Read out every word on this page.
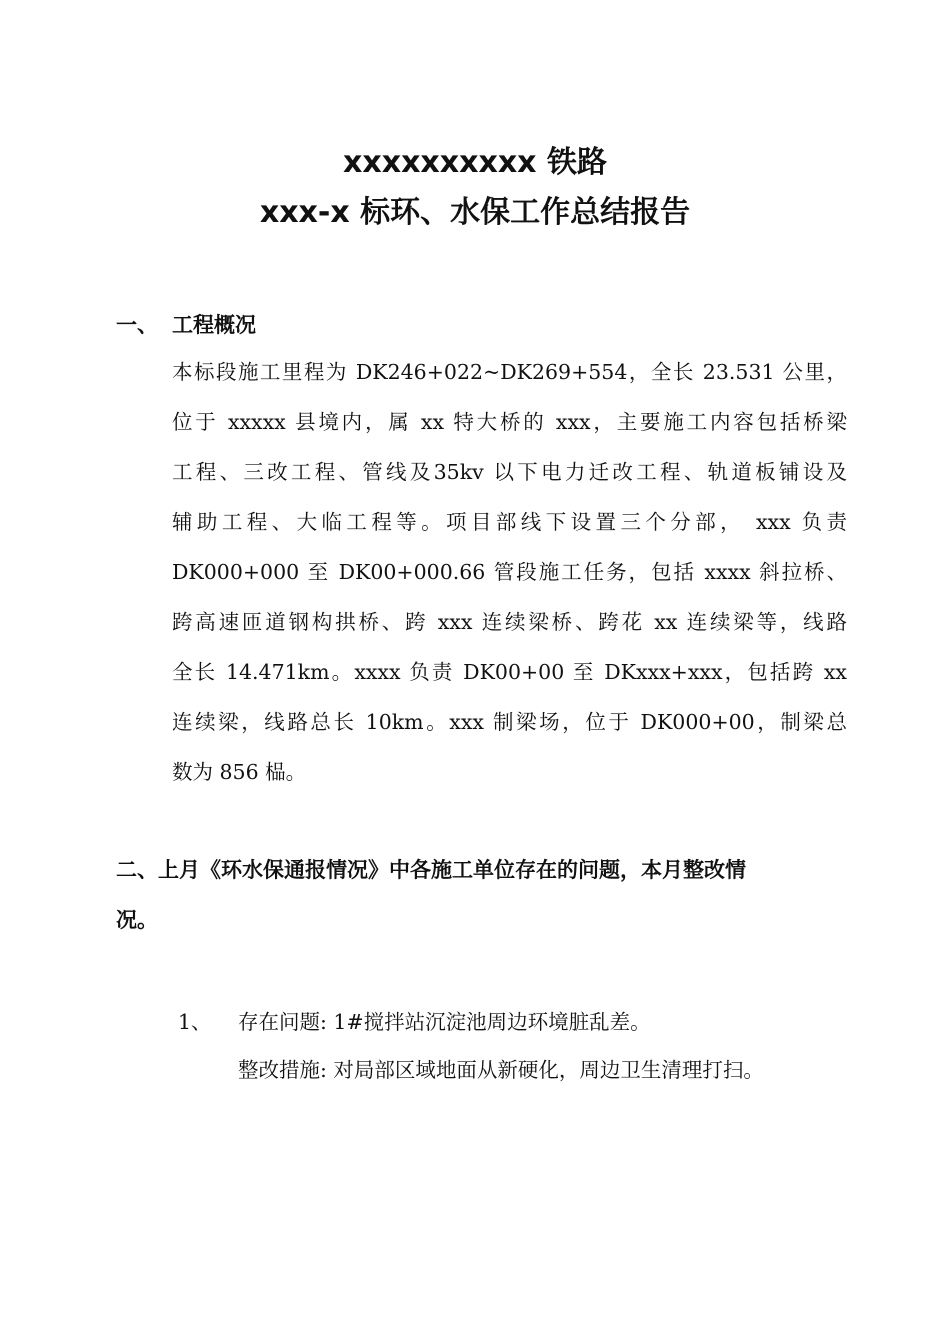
xxxxxxxxxx 铁路
xxx-x 标环、水保工作总结报告
一、 工程概况
本标段施工里程为 DK246+022~DK269+554，全长 23.531 公里，
位于 xxxxx 县境内，属 xx 特大桥的 xxx，主要施工内容包括桥梁
工程、三改工程、管线及35kv 以下电力迁改工程、轨道板铺设及
辅助工程、大临工程等。项目部线下设置三个分部， xxx 负责
DK000+000 至 DK00+000.66 管段施工任务，包括 xxxx 斜拉桥、
跨高速匝道钢构拱桥、跨 xxx 连续梁桥、跨花 xx 连续梁等，线路
全长 14.471km。xxxx 负责 DK00+00 至 DKxxx+xxx，包括跨 xx
连续梁，线路总长 10km。xxx 制梁场，位于 DK000+00，制梁总
数为 856 榀。
二、上月《环水保通报情况》中各施工单位存在的问题，本月整改情
况。
1、 存在问题: 1#搅拌站沉淀池周边环境脏乱差。
整改措施: 对局部区域地面从新硬化，周边卫生清理打扫。
